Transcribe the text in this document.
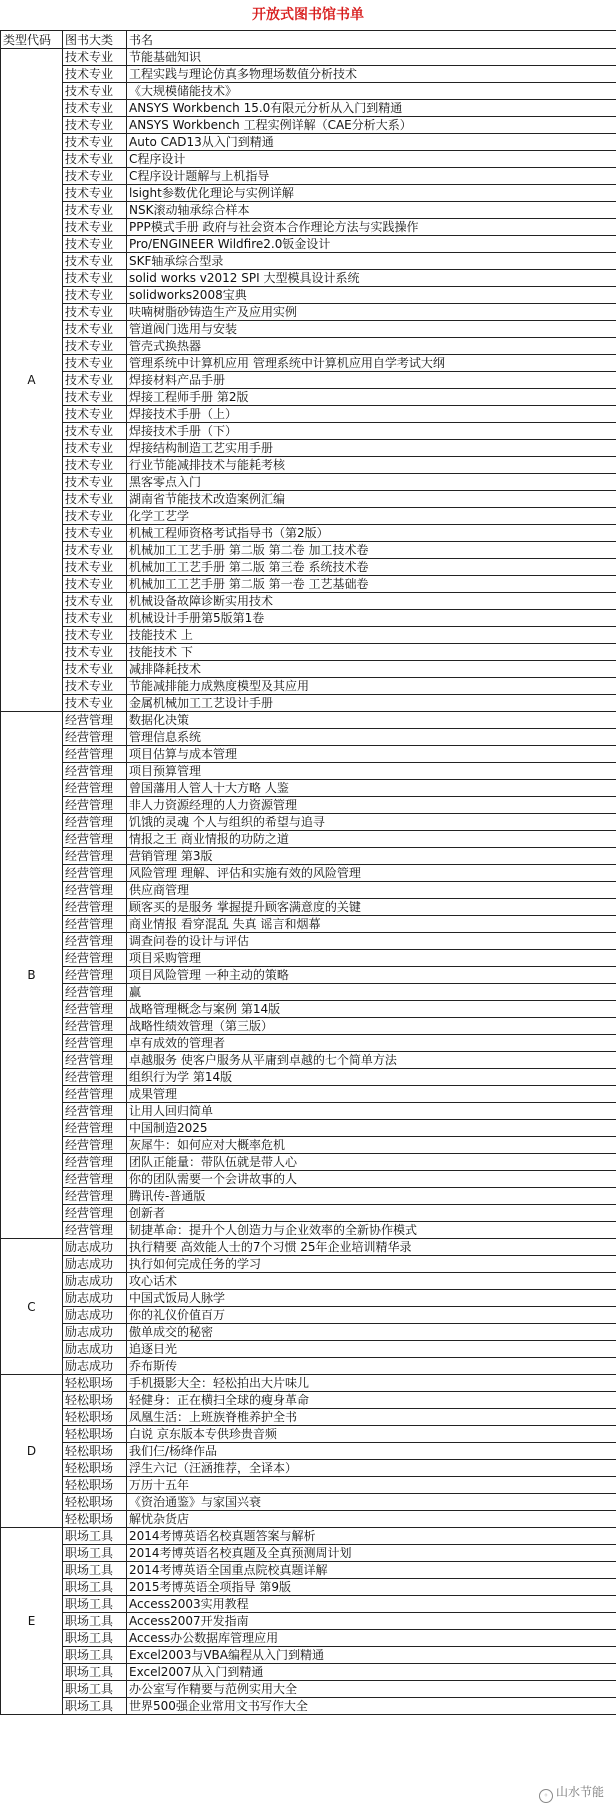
开放式图书馆书单
类型代码	图书大类	书名
A	技术专业	节能基础知识
	技术专业	工程实践与理论仿真多物理场数值分析技术
	技术专业	《大规模储能技术》
	技术专业	ANSYS Workbench 15.0有限元分析从入门到精通
	技术专业	ANSYS Workbench 工程实例详解（CAE分析大系）
	技术专业	Auto CAD13从入门到精通
	技术专业	C程序设计
	技术专业	C程序设计题解与上机指导
	技术专业	lsight参数优化理论与实例详解
	技术专业	NSK滚动轴承综合样本
	技术专业	PPP模式手册 政府与社会资本合作理论方法与实践操作
	技术专业	Pro/ENGINEER Wildfire2.0钣金设计
	技术专业	SKF轴承综合型录
	技术专业	solid works v2012 SPI 大型模具设计系统
	技术专业	solidworks2008宝典
	技术专业	呋喃树脂砂铸造生产及应用实例
	技术专业	管道阀门选用与安装
	技术专业	管壳式换热器
	技术专业	管理系统中计算机应用 管理系统中计算机应用自学考试大纲
	技术专业	焊接材料产品手册
	技术专业	焊接工程师手册 第2版
	技术专业	焊接技术手册（上）
	技术专业	焊接技术手册（下）
	技术专业	焊接结构制造工艺实用手册
	技术专业	行业节能减排技术与能耗考核
	技术专业	黑客零点入门
	技术专业	湖南省节能技术改造案例汇编
	技术专业	化学工艺学
	技术专业	机械工程师资格考试指导书（第2版）
	技术专业	机械加工工艺手册 第二版 第二卷 加工技术卷
	技术专业	机械加工工艺手册 第二版 第三卷 系统技术卷
	技术专业	机械加工工艺手册 第二版 第一卷 工艺基础卷
	技术专业	机械设备故障诊断实用技术
	技术专业	机械设计手册第5版第1卷
	技术专业	技能技术 上
	技术专业	技能技术 下
	技术专业	减排降耗技术
	技术专业	节能减排能力成熟度模型及其应用
	技术专业	金属机械加工工艺设计手册
B	经营管理	数据化决策
	经营管理	管理信息系统
	经营管理	项目估算与成本管理
	经营管理	项目预算管理
	经营管理	曾国藩用人管人十大方略 人鉴
	经营管理	非人力资源经理的人力资源管理
	经营管理	饥饿的灵魂 个人与组织的希望与追寻
	经营管理	情报之王 商业情报的功防之道
	经营管理	营销管理 第3版
	经营管理	风险管理 理解、评估和实施有效的风险管理
	经营管理	供应商管理
	经营管理	顾客买的是服务 掌握提升顾客满意度的关键
	经营管理	商业情报 看穿混乱 失真 谣言和烟幕
	经营管理	调查问卷的设计与评估
	经营管理	项目采购管理
	经营管理	项目风险管理 一种主动的策略
	经营管理	赢
	经营管理	战略管理概念与案例 第14版
	经营管理	战略性绩效管理（第三版）
	经营管理	卓有成效的管理者
	经营管理	卓越服务 使客户服务从平庸到卓越的七个简单方法
	经营管理	组织行为学 第14版
	经营管理	成果管理
	经营管理	让用人回归简单
	经营管理	中国制造2025
	经营管理	灰犀牛：如何应对大概率危机
	经营管理	团队正能量：带队伍就是带人心
	经营管理	你的团队需要一个会讲故事的人
	经营管理	腾讯传-普通版
	经营管理	创新者
	经营管理	韧捷革命：提升个人创造力与企业效率的全新协作模式
C	励志成功	执行精要 高效能人士的7个习惯 25年企业培训精华录
	励志成功	执行如何完成任务的学习
	励志成功	攻心话术
	励志成功	中国式饭局人脉学
	励志成功	你的礼仪价值百万
	励志成功	傲单成交的秘密
	励志成功	追逐日光
	励志成功	乔布斯传
D	轻松职场	手机摄影大全：轻松拍出大片味儿
	轻松职场	轻健身：正在横扫全球的瘦身革命
	轻松职场	凤凰生活：上班族脊椎养护全书
	轻松职场	白说 京东版本专供珍贵音频
	轻松职场	我们仨/杨绛作品
	轻松职场	浮生六记（汪涵推荐，全译本）
	轻松职场	万历十五年
	轻松职场	《资治通鉴》与家国兴衰
	轻松职场	解忧杂货店
E	职场工具	2014考博英语名校真题答案与解析
	职场工具	2014考博英语名校真题及全真预测周计划
	职场工具	2014考博英语全国重点院校真题详解
	职场工具	2015考博英语全项指导 第9版
	职场工具	Access2003实用教程
	职场工具	Access2007开发指南
	职场工具	Access办公数据库管理应用
	职场工具	Excel2003与VBA编程从入门到精通
	职场工具	Excel2007从入门到精通
	职场工具	办公室写作精要与范例实用大全
	职场工具	世界500强企业常用文书写作大全
◦ 山水节能
